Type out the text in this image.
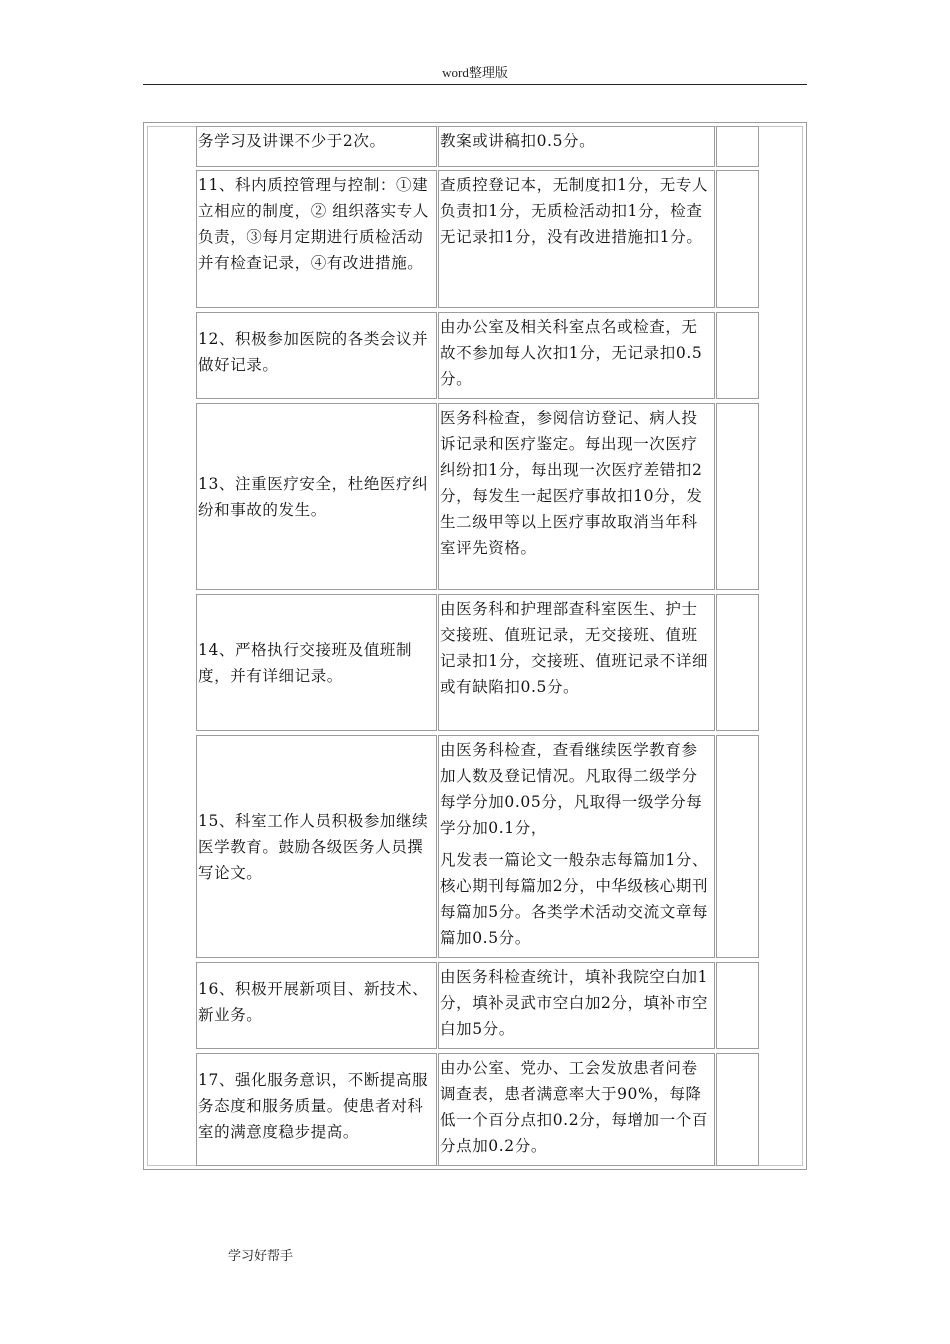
word整理版
务学习及讲课不少于2次。	教案或讲稿扣0.5分。
11、科内质控管理与控制：①建立相应的制度，② 组织落实专人负责，③每月定期进行质检活动并有检查记录，④有改进措施。
查质控登记本，无制度扣1分，无专人负责扣1分，无质检活动扣1分，检查无记录扣1分，没有改进措施扣1分。
12、积极参加医院的各类会议并做好记录。
由办公室及相关科室点名或检查，无故不参加每人次扣1分，无记录扣0.5分。
13、注重医疗安全，杜绝医疗纠纷和事故的发生。
医务科检查，参阅信访登记、病人投诉记录和医疗鉴定。每出现一次医疗纠纷扣1分，每出现一次医疗差错扣2分，每发生一起医疗事故扣10分，发生二级甲等以上医疗事故取消当年科室评先资格。
14、严格执行交接班及值班制度，并有详细记录。
由医务科和护理部查科室医生、护士交接班、值班记录，无交接班、值班记录扣1分，交接班、值班记录不详细或有缺陷扣0.5分。
15、科室工作人员积极参加继续医学教育。鼓励各级医务人员撰写论文。
由医务科检查，查看继续医学教育参加人数及登记情况。凡取得二级学分每学分加0.05分，凡取得一级学分每学分加0.1分，
凡发表一篇论文一般杂志每篇加1分、核心期刊每篇加2分，中华级核心期刊每篇加5分。各类学术活动交流文章每篇加0.5分。
16、积极开展新项目、新技术、新业务。
由医务科检查统计，填补我院空白加1分，填补灵武市空白加2分，填补市空白加5分。
17、强化服务意识，不断提高服务态度和服务质量。使患者对科室的满意度稳步提高。
由办公室、党办、工会发放患者问卷调查表，患者满意率大于90%，每降低一个百分点扣0.2分，每增加一个百分点加0.2分。
学习好帮手
